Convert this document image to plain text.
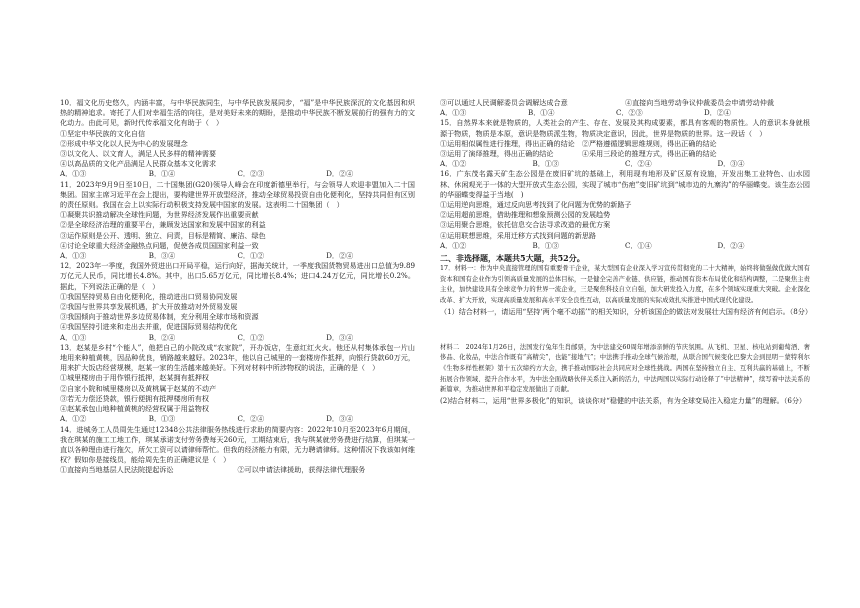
10．福文化历史悠久，内涵丰富，与中华民族同生，与中华民族发展同步，“福”是中华民族深沉的文化基因和炽热的精神追求。寄托了人们对幸福生活的向往，是对美好未来的期盼，是推动中华民族不断发展前行的强有力的文化动力。由此可见，新时代传承福文化有助于（　）

①坚定中华民族的文化自信

②形成中华文化以人民为中心的发展理念

③以文化人、以文育人，满足人民多样的精神需要

④以高品质的文化产品满足人民群众基本文化需求

A．①③	B．①④	C．②③	D．②④

11．2023年9月9日至10日，二十国集团(G20)领导人峰会在印度新德里举行，与会领导人欢迎非盟加入二十国集团。国家主席习近平在会上提出，要构建世界开放型经济，推动全球贸易投资自由化便利化，坚持共同但有区别的责任原则。我国在会上以实际行动积极支持发展中国家的发展。这表明二十国集团（　）

①凝聚共识推动解决全球性问题，为世界经济发展作出重要贡献

②是全球经济治理的重要平台，兼顾发达国家和发展中国家的利益

③运作原则是公开、透明、独立、问责，目标是精简、廉洁、绿色

④讨论全球重大经济金融热点问题，促使各成员国国家利益一致

A．①③	B．③④	C．①②	D．②④

12．2023年一季度，我国外贸进出口开局平稳，运行向好，据海关统计，一季度我国货物贸易进出口总值为9.89万亿元人民币，同比增长4.8%。其中，出口5.65万亿元，同比增长8.4%；进口4.24万亿元，同比增长0.2%。据此，下列说法正确的是（　）

①我国坚持贸易自由化便利化，推动进出口贸易协同发展

②我国与世界共享发展机遇，扩大开放推动对外贸易发展

③我国倾向于推动世界多边贸易体制，充分利用全球市场和资源

④我国坚持引进来和走出去并重，促进国际贸易结构优化

A．①③	B．②④	C．①②	D．③④

13．赵某是乡村“个能人”，他把自己的小院改成“农家院”，开办饭店，生意红红火火。他还从村集体承包一片山地用来种植黄桃，因品种优良，销路越来越好。2023年，他以自己城里的一套楼房作抵押，向银行贷款60万元，用来扩大饭店经营规模，赵某一家的生活越来越美好。下列对材料中所涉物权的说法，正确的是（　）

①城里楼房由于用作银行抵押，赵某拥有抵押权

②自家小院和城里楼房以及黄桃属于赵某的不动产

③若无力偿还贷款，银行便拥有抵押楼房所有权

④赵某承包山地种植黄桃的经营权属于用益物权

A．①②	B．①③	C．②④	D．③④

14．进城务工人员周先生通过12348公共法律服务热线进行求助的简要内容：2022年10月至2023年6月期间，我在琪某的施工工地工作，琪某承诺支付劳务费每天260元，工期结束后，我与琪某就劳务费进行结算，但琪某一直以各种理由进行拖欠，所欠工资可以请律师帮忙。但我的经济能力有限，无力聘请律师。这种情况下我该如何维权？假如你是接线员，能给周先生的正确建议是（　）

①直接向当地基层人民法院提起诉讼	②可以申请法律援助，获得法律代理服务
③可以通过人民调解委员会调解达成合意	④直接向当地劳动争议仲裁委员会申请劳动仲裁
A．①③	B．①④	C．②③	D．②④

15．自然界本来就是物质的，人类社会的产生、存在、发展及其构成要素，都具有客观的物质性。人的意识本身就根源于物质，物质是本原，意识是物质派生物，物质决定意识，因此，世界是物质的世界。这一段话（　）

①运用相似属性进行推理，得出正确的结论　②严格遵循逻辑思维规则，得出正确的结论

③运用了演绎推理，得出正确的结论　　　　④采用三段论的推理方式，得出正确的结论

A．①②	B．①③	C．②④	D．③④

16．广东茂名露天矿生态公园是在废旧矿坑的基础上，利用现有地形及矿区原有设施，开发出集工业特色、山水园林、休闲观光于一体的大型开放式生态公园，实现了城市“伤疤”变旧矿坑到“城市边的九寨沟”的华丽蝶变。该生态公园的华丽蝶变得益于当地(　)

①运用逆向思维，通过反向思考找到了化问题为优势的新路子

②运用超前思维，借助推理和想象预测公园的发展趋势

③运用聚合思维，依托信息交合法寻求改造的最优方案

④运用联想思维，采用迁移方式找到问题的新思路

A．①②	B．①③	C．①④	D．②④

二、非选择题，本题共5大题，共52分。

17．材料一：作为中央直接管理的国有重要骨干企业，某大型国有企业深入学习宣传贯彻党的二十大精神，始终将做强做优做大国有资本和国有企业作为引领高质量发展的总体目标，一是健全完善产业链、供应链，推动国有资本布局优化和结构调整，二是聚焦主责主业，加快建设具有全球竞争力的世界一流企业，三是聚焦科技自立自强，加大研发投入力度，在多个领域实现重大突破。企业深化改革、扩大开放，实现高质量发展和高水平安全良性互动，以高质量发展的实际成效扎实推进中国式现代化建设。

（1）结合材料一，请运用“坚持‘两个毫不动摇’”的相关知识，分析该国企的做法对发展壮大国有经济有何启示。（8分）

材料二　2024年1月26日，法国发行兔年生肖邮票，为中法建交60周年增添亲鲜的节庆氛围。从飞机、卫星、核电站到葡萄酒、奢侈品、化妆品，中法合作既有“高精尖”，也能“接地气”；中法携手推动全球气候治理，从联合国气候变化巴黎大会到昆明－蒙特利尔《生物多样性框架》第十五次缔约方大会，携手推动国际社会共同应对全球性挑战。两国在坚持独立自主、互利共赢的基础上，不断拓展合作领域、提升合作水平，为中法全面战略伙伴关系注入新的活力，中法两国以实际行动诠释了“中法精神”，续写着中法关系的新篇章，为推动世界和平稳定发展做出了贡献。

(2)结合材料二，运用“世界多极化”的知识，谈谈你对“稳健的中法关系，有为全球变局注入稳定力量”的理解。（6分）
